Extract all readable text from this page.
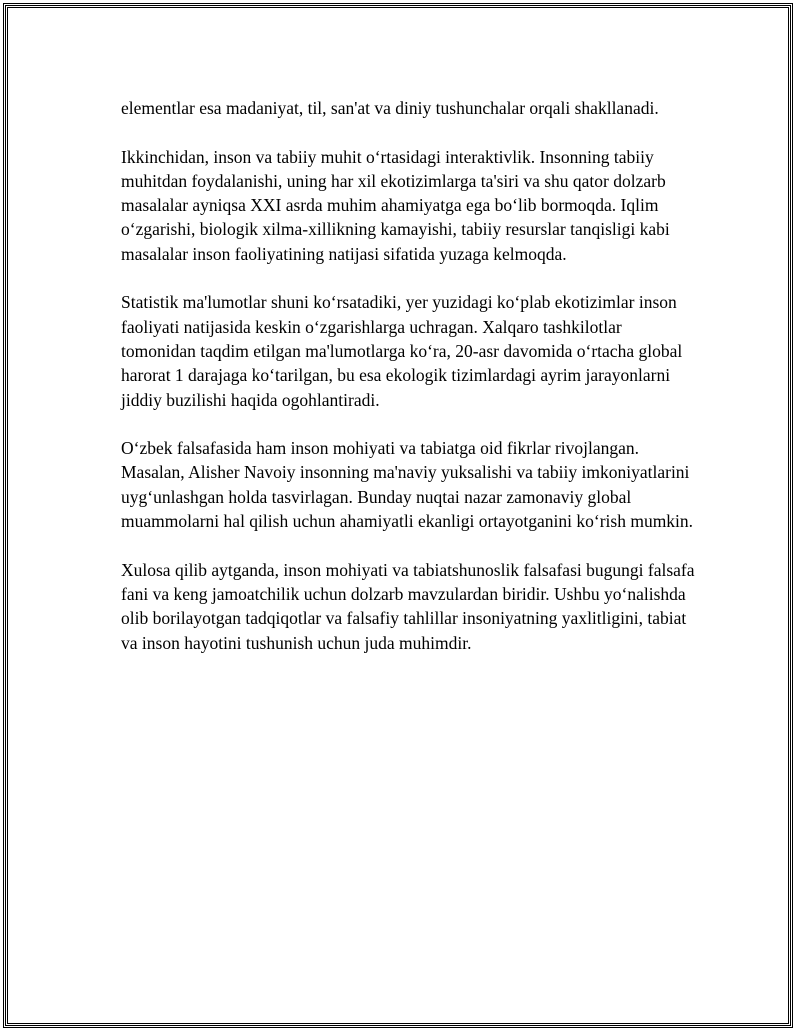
elementlar esa madaniyat, til, san'at va diniy tushunchalar orqali shakllanadi.

Ikkinchidan, inson va tabiiy muhit o‘rtasidagi interaktivlik. Insonning tabiiy muhitdan foydalanishi, uning har xil ekotizimlarga ta'siri va shu qator dolzarb masalalar ayniqsa XXI asrda muhim ahamiyatga ega bo‘lib bormoqda. Iqlim o‘zgarishi, biologik xilma-xillikning kamayishi, tabiiy resurslar tanqisligi kabi masalalar inson faoliyatining natijasi sifatida yuzaga kelmoqda.

Statistik ma'lumotlar shuni ko‘rsatadiki, yer yuzidagi ko‘plab ekotizimlar inson faoliyati natijasida keskin o‘zgarishlarga uchragan. Xalqaro tashkilotlar tomonidan taqdim etilgan ma'lumotlarga ko‘ra, 20-asr davomida o‘rtacha global harorat 1 darajaga ko‘tarilgan, bu esa ekologik tizimlardagi ayrim jarayonlarni jiddiy buzilishi haqida ogohlantiradi.

O‘zbek falsafasida ham inson mohiyati va tabiatga oid fikrlar rivojlangan. Masalan, Alisher Navoiy insonning ma'naviy yuksalishi va tabiiy imkoniyatlarini uyg‘unlashgan holda tasvirlagan. Bunday nuqtai nazar zamonaviy global muammolarni hal qilish uchun ahamiyatli ekanligi ortayotganini ko‘rish mumkin.

Xulosa qilib aytganda, inson mohiyati va tabiatshunoslik falsafasi bugungi falsafa fani va keng jamoatchilik uchun dolzarb mavzulardan biridir. Ushbu yo‘nalishda olib borilayotgan tadqiqotlar va falsafiy tahlillar insoniyatning yaxlitligini, tabiat va inson hayotini tushunish uchun juda muhimdir.
